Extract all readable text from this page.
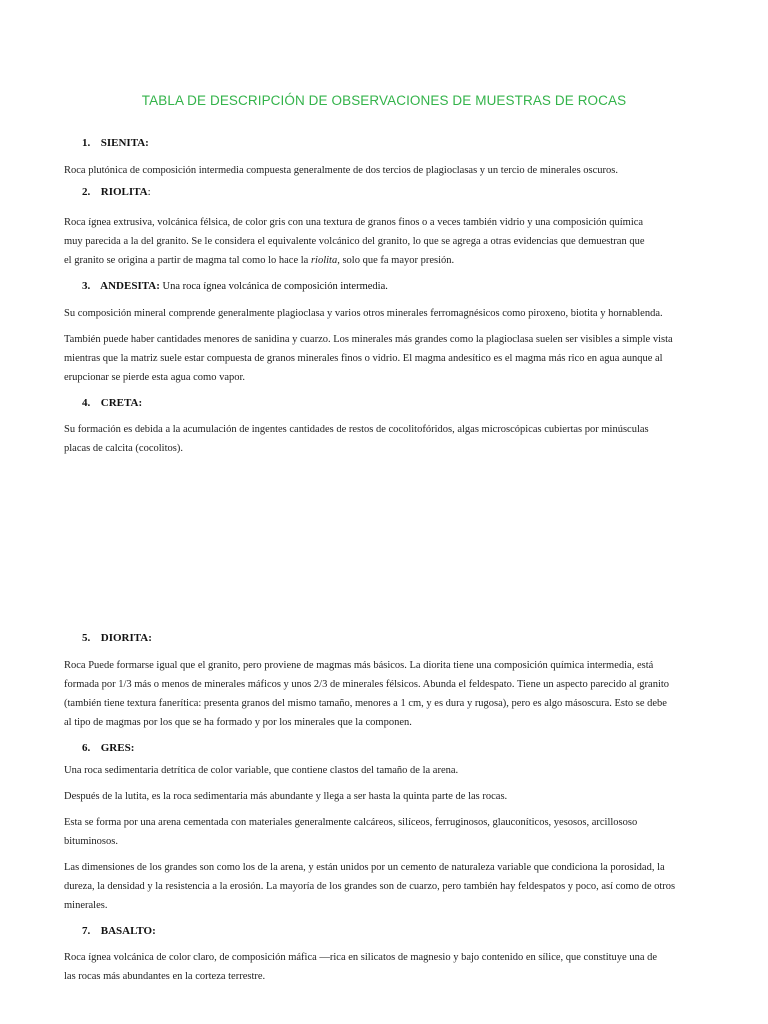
TABLA DE DESCRIPCIÓN DE OBSERVACIONES DE MUESTRAS DE ROCAS
1. SIENITA:
Roca plutónica de composición intermedia compuesta generalmente de dos tercios de plagioclasas y un tercio de minerales oscuros.
2. RIOLITA:
Roca ígnea extrusiva, volcánica félsica, de color gris con una textura de granos finos o a veces también vidrio y una composición química
muy parecida a la del granito. Se le considera el equivalente volcánico del granito, lo que se agrega a otras evidencias que demuestran que
el granito se origina a partir de magma tal como lo hace la riolita, solo que fa mayor presión.
3. ANDESITA: Una roca ígnea volcánica de composición intermedia.
Su composición mineral comprende generalmente plagioclasa y varios otros minerales ferromagnésicos como piroxeno, biotita y hornablenda.
También puede haber cantidades menores de sanidina y cuarzo. Los minerales más grandes como la plagioclasa suelen ser visibles a simple vista
mientras que la matriz suele estar compuesta de granos minerales finos o vidrio. El magma andesítico es el magma más rico en agua aunque al
erupcionar se pierde esta agua como vapor.
4. CRETA:
Su formación es debida a la acumulación de ingentes cantidades de restos de cocolitofóridos, algas microscópicas cubiertas por minúsculas
placas de calcita (cocolitos).
5. DIORITA:
Roca Puede formarse igual que el granito, pero proviene de magmas más básicos. La diorita tiene una composición química intermedia, está
formada por 1/3 más o menos de minerales máficos y unos 2/3 de minerales félsicos. Abunda el feldespato. Tiene un aspecto parecido al granito
(también tiene textura fanerítica: presenta granos del mismo tamaño, menores a 1 cm, y es dura y rugosa), pero es algo másoscura. Esto se debe
al tipo de magmas por los que se ha formado y por los minerales que la componen.
6. GRES:
Una roca sedimentaria detrítica de color variable, que contiene clastos del tamaño de la arena.
Después de la lutita, es la roca sedimentaria más abundante y llega a ser hasta la quinta parte de las rocas.
Esta se forma por una arena cementada con materiales generalmente calcáreos, silíceos, ferruginosos, glauconíticos, yesosos, arcillososo
bituminosos.
Las dimensiones de los grandes son como los de la arena, y están unidos por un cemento de naturaleza variable que condiciona la porosidad, la
dureza, la densidad y la resistencia a la erosión. La mayoría de los grandes son de cuarzo, pero también hay feldespatos y poco, así como de otros
minerales.
7. BASALTO:
Roca ígnea volcánica de color claro, de composición máfica —rica en silicatos de magnesio y bajo contenido en sílice, que constituye una de
las rocas más abundantes en la corteza terrestre.
